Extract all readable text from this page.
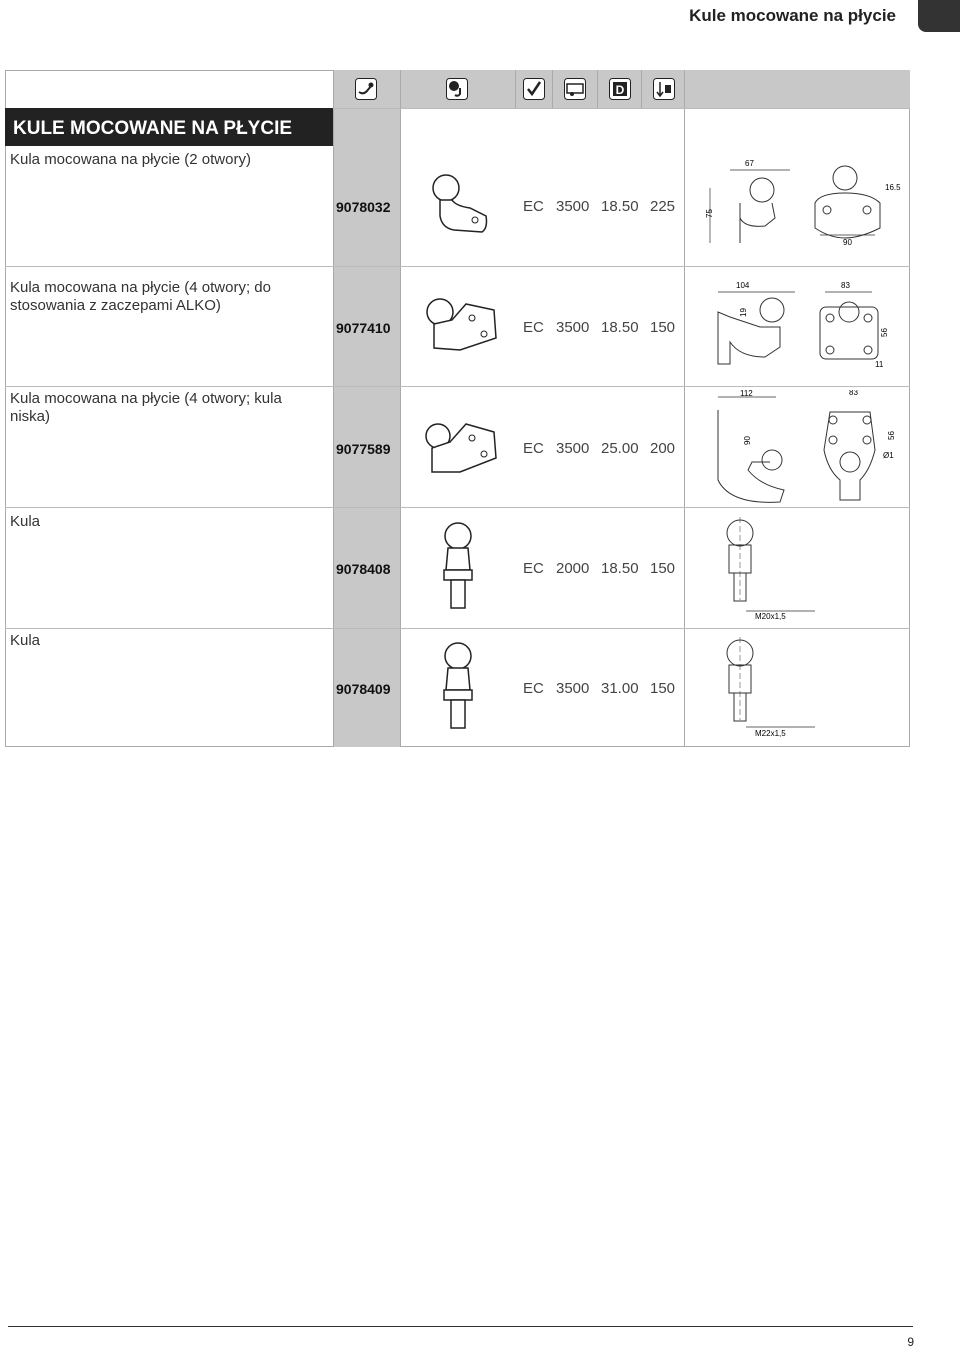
Kule mocowane na płycie
KULE MOCOWANE NA PŁYCIE
D
Kula mocowana na płycie (2 otwory)
9078032	EC 3500 18.50 225
67
75
16.5
90
Kula mocowana na płycie (4 otwory; do stosowania z zaczepami ALKO)
9077410	EC 3500 18.50 150
104
19
83
56
11
Kula mocowana na płycie (4 otwory; kula niska)
9077589	EC 3500 25.00 200
112
90
83
56
Ø1
Kula
9078408	EC 2000 18.50 150
M20x1,5
Kula
9078409	EC 3500 31.00 150
M22x1,5
9
